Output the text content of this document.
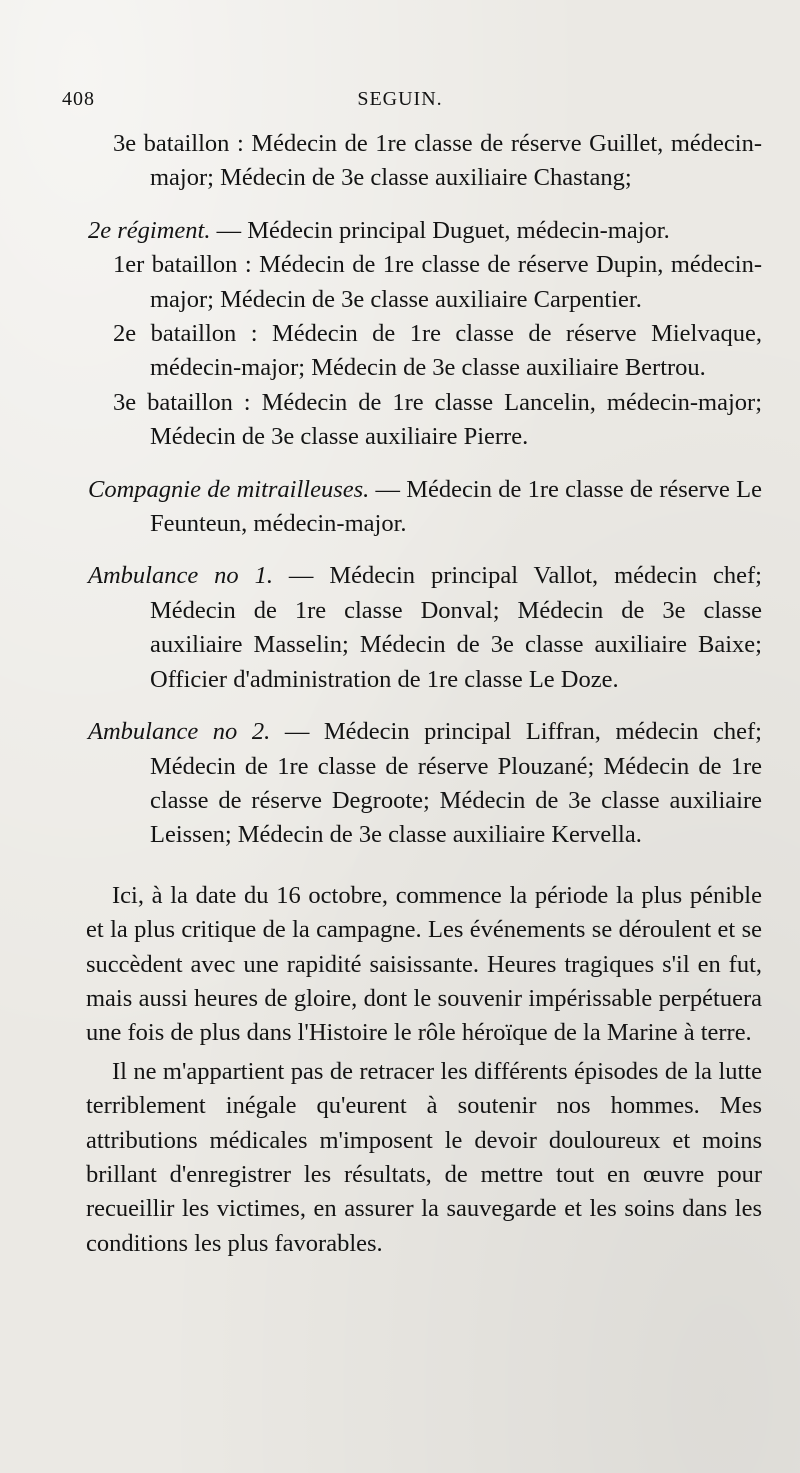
408	SEGUIN.

3e bataillon : Médecin de 1re classe de réserve Guillet, médecin-major; Médecin de 3e classe auxiliaire Chastang;

2e régiment. — Médecin principal Duguet, médecin-major.

1er bataillon : Médecin de 1re classe de réserve Dupin, médecin-major; Médecin de 3e classe auxiliaire Carpentier.

2e bataillon : Médecin de 1re classe de réserve Mielvaque, médecin-major; Médecin de 3e classe auxiliaire Bertrou.

3e bataillon : Médecin de 1re classe Lancelin, médecin-major; Médecin de 3e classe auxiliaire Pierre.

Compagnie de mitrailleuses. — Médecin de 1re classe de réserve Le Feunteun, médecin-major.

Ambulance no 1. — Médecin principal Vallot, médecin chef; Médecin de 1re classe Donval; Médecin de 3e classe auxiliaire Masselin; Médecin de 3e classe auxiliaire Baixe; Officier d'administration de 1re classe Le Doze.

Ambulance no 2. — Médecin principal Liffran, médecin chef; Médecin de 1re classe de réserve Plouzané; Médecin de 1re classe de réserve Degroote; Médecin de 3e classe auxiliaire Leissen; Médecin de 3e classe auxiliaire Kervella.

Ici, à la date du 16 octobre, commence la période la plus pénible et la plus critique de la campagne. Les événements se déroulent et se succèdent avec une rapidité saisissante. Heures tragiques s'il en fut, mais aussi heures de gloire, dont le souvenir impérissable perpétuera une fois de plus dans l'Histoire le rôle héroïque de la Marine à terre.

Il ne m'appartient pas de retracer les différents épisodes de la lutte terriblement inégale qu'eurent à soutenir nos hommes. Mes attributions médicales m'imposent le devoir douloureux et moins brillant d'enregistrer les résultats, de mettre tout en œuvre pour recueillir les victimes, en assurer la sauvegarde et les soins dans les conditions les plus favorables.
